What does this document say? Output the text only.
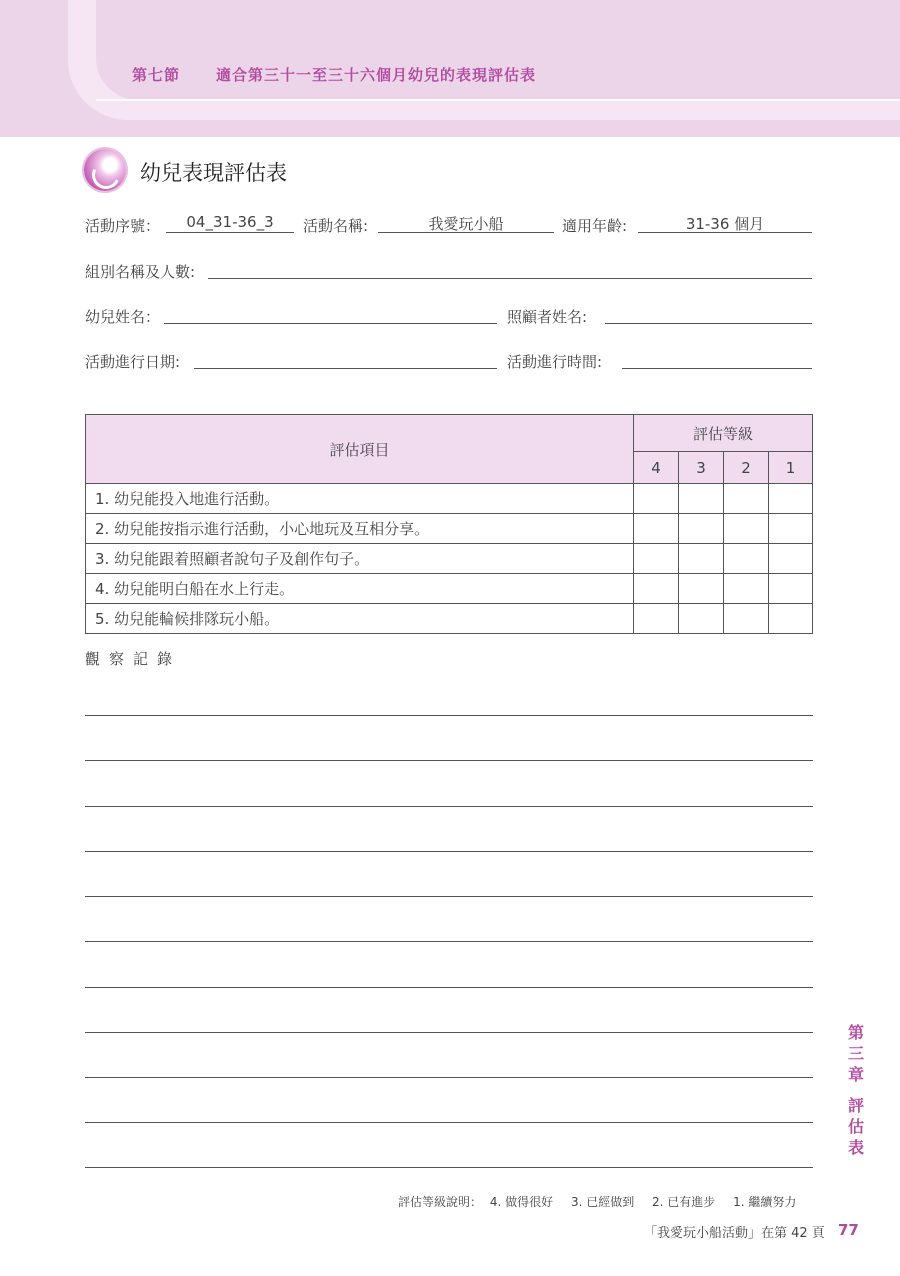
第七節 適合第三十一至三十六個月幼兒的表現評估表
幼兒表現評估表
活動序號：	04_31-36_3	活動名稱:	我愛玩小船	適用年齡:	31-36 個月
組別名稱及人數:
幼兒姓名：	照顧者姓名:
活動進行日期:	活動進行時間:
評估項目	評估等級			
	4	3	2	1
1. 幼兒能投入地進行活動。				
2. 幼兒能按指示進行活動，小心地玩及互相分享。				
3. 幼兒能跟着照顧者說句子及創作句子。				
4. 幼兒能明白船在水上行走。				
5. 幼兒能輪候排隊玩小船。				
觀察記錄
第三章
評估表
評估等級說明： 4. 做得很好 3. 已經做到 2. 已有進步 1. 繼續努力
「我愛玩小船活動」在第 42 頁 77
